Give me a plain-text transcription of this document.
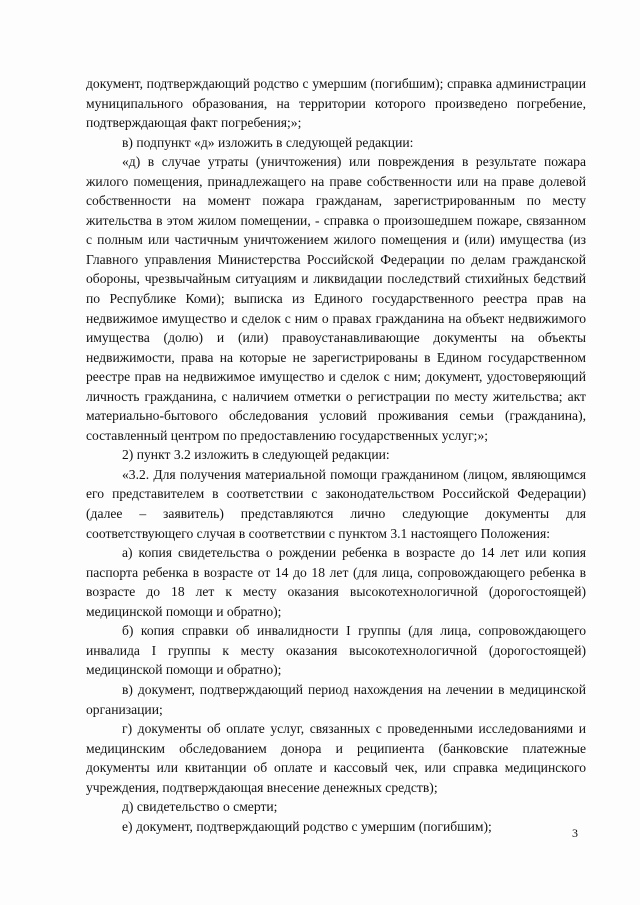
документ, подтверждающий родство с умершим (погибшим); справка администрации муниципального образования, на территории которого произведено погребение, подтверждающая факт погребения;»;

в) подпункт «д» изложить в следующей редакции:

«д) в случае утраты (уничтожения) или повреждения в результате пожара жилого помещения, принадлежащего на праве собственности или на праве долевой собственности на момент пожара гражданам, зарегистрированным по месту жительства в этом жилом помещении, - справка о произошедшем пожаре, связанном с полным или частичным уничтожением жилого помещения и (или) имущества (из Главного управления Министерства Российской Федерации по делам гражданской обороны, чрезвычайным ситуациям и ликвидации последствий стихийных бедствий по Республике Коми); выписка из Единого государственного реестра прав на недвижимое имущество и сделок с ним о правах гражданина на объект недвижимого имущества (долю) и (или) правоустанавливающие документы на объекты недвижимости, права на которые не зарегистрированы в Едином государственном реестре прав на недвижимое имущество и сделок с ним; документ, удостоверяющий личность гражданина, с наличием отметки о регистрации по месту жительства; акт материально-бытового обследования условий проживания семьи (гражданина), составленный центром по предоставлению государственных услуг;»;

2) пункт 3.2 изложить в следующей редакции:

«3.2. Для получения материальной помощи гражданином (лицом, являющимся его представителем в соответствии с законодательством Российской Федерации) (далее – заявитель) представляются лично следующие документы для соответствующего случая в соответствии с пунктом 3.1 настоящего Положения:

а) копия свидетельства о рождении ребенка в возрасте до 14 лет или копия паспорта ребенка в возрасте от 14 до 18 лет (для лица, сопровождающего ребенка в возрасте до 18 лет к месту оказания высокотехнологичной (дорогостоящей) медицинской помощи и обратно);

б) копия справки об инвалидности I группы (для лица, сопровождающего инвалида I группы к месту оказания высокотехнологичной (дорогостоящей) медицинской помощи и обратно);

в) документ, подтверждающий период нахождения на лечении в медицинской организации;

г) документы об оплате услуг, связанных с проведенными исследованиями и медицинским обследованием донора и реципиента (банковские платежные документы или квитанции об оплате и кассовый чек, или справка медицинского учреждения, подтверждающая внесение денежных средств);

д) свидетельство о смерти;

е) документ, подтверждающий родство с умершим (погибшим);	3
